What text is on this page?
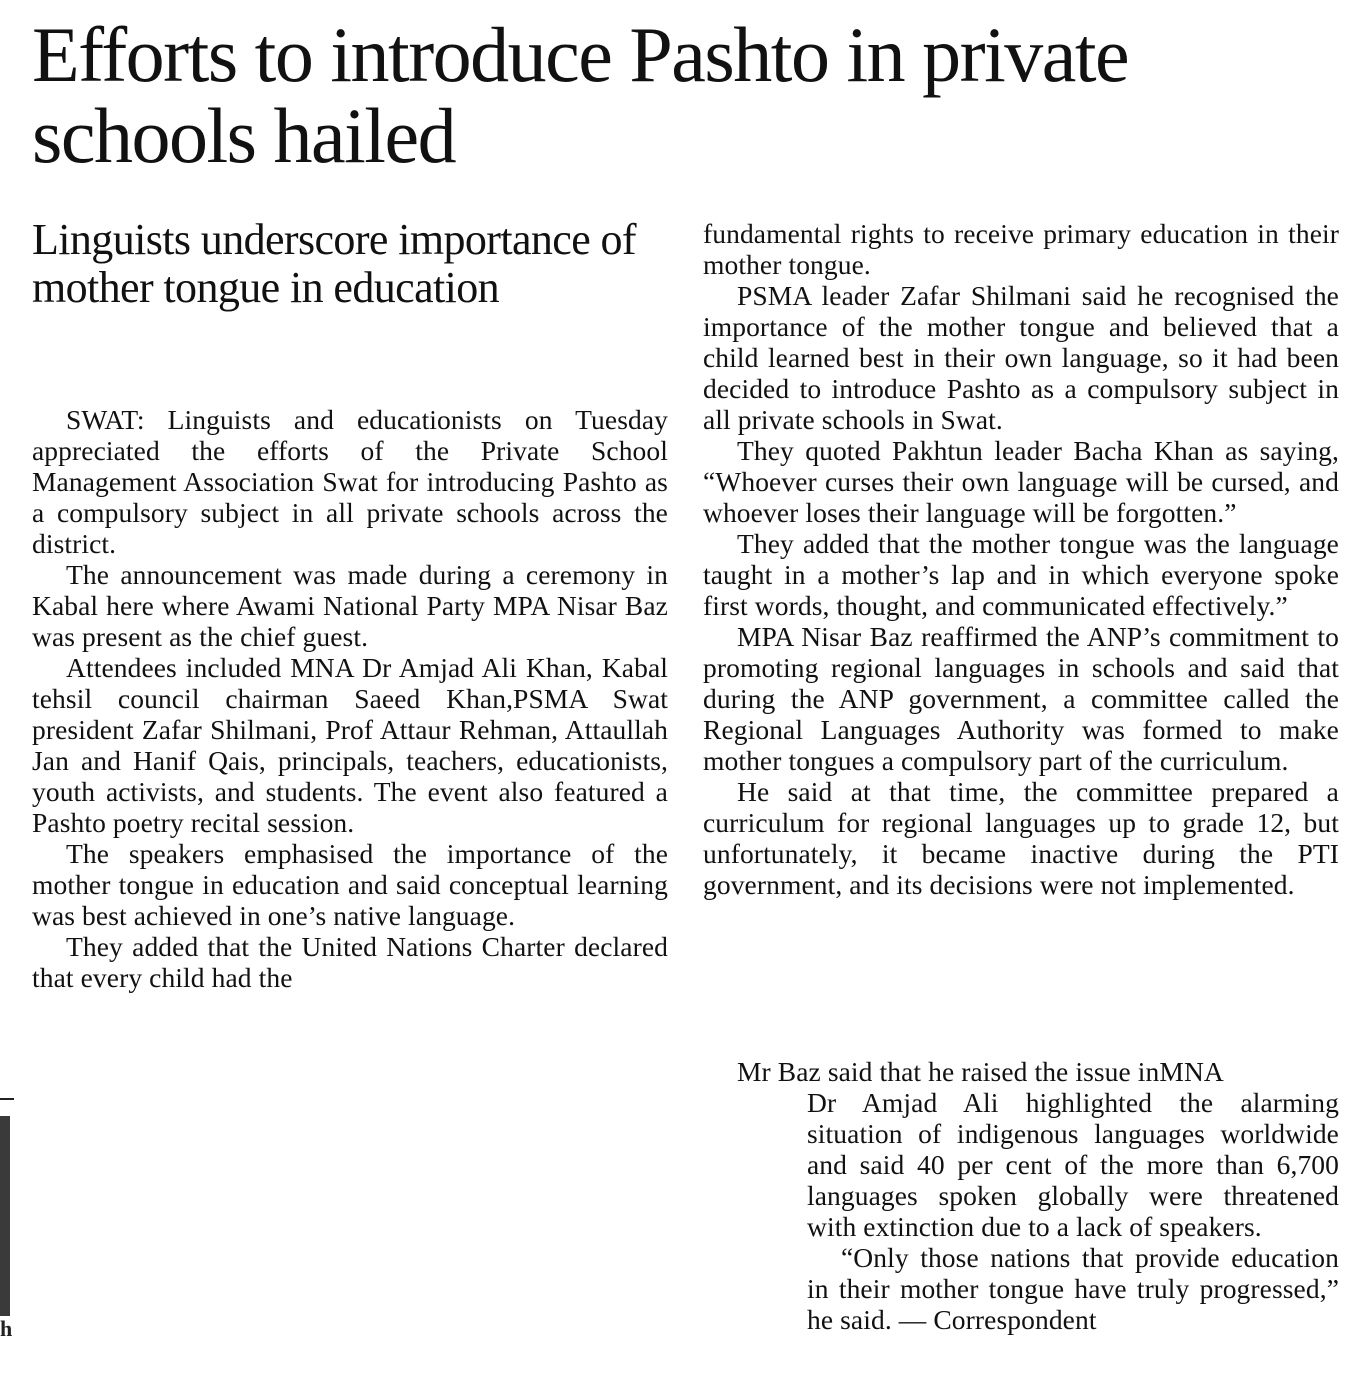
Efforts to introduce Pashto in private schools hailed
Linguists underscore importance of mother tongue in education

SWAT: Linguists and educationists on Tuesday appreciated the efforts of the Private School Management Association Swat for introducing Pashto as a compulsory subject in all private schools across the district.

The announcement was made during a ceremony in Kabal here where Awami National Party MPA Nisar Baz was present as the chief guest.

Attendees included MNA Dr Amjad Ali Khan, Kabal tehsil council chairman Saeed Khan,PSMA Swat president Zafar Shilmani, Prof Attaur Rehman, Attaullah Jan and Hanif Qais, principals, teachers, educationists, youth activists, and students. The event also featured a Pashto poetry recital session.

The speakers emphasised the importance of the mother tongue in education and said conceptual learning was best achieved in one’s native language.

They added that the United Nations Charter declared that every child had the

fundamental rights to receive primary education in their mother tongue.

PSMA leader Zafar Shilmani said he recognised the importance of the mother tongue and believed that a child learned best in their own language, so it had been decided to introduce Pashto as a compulsory subject in all private schools in Swat.

They quoted Pakhtun leader Bacha Khan as saying, “Whoever curses their own language will be cursed, and whoever loses their language will be forgotten.”

They added that the mother tongue was the language taught in a mother’s lap and in which everyone spoke first words, thought, and communicated effectively.”

MPA Nisar Baz reaffirmed the ANP’s commitment to promoting regional languages in schools and said that during the ANP government, a committee called the Regional Languages Authority was formed to make mother tongues a compulsory part of the curriculum.

He said at that time, the committee prepared a curriculum for regional languages up to grade 12, but unfortunately, it became inactive during the PTI government, and its decisions were not implemented.

Mr Baz said that he raised the issue inMNA

Dr Amjad Ali highlighted the alarming situation of indigenous languages worldwide and said 40 per cent of the more than 6,700 languages spoken globally were threatened with extinction due to a lack of speakers.

“Only those nations that provide education in their mother tongue have truly progressed,” he said. — Correspondent

h
